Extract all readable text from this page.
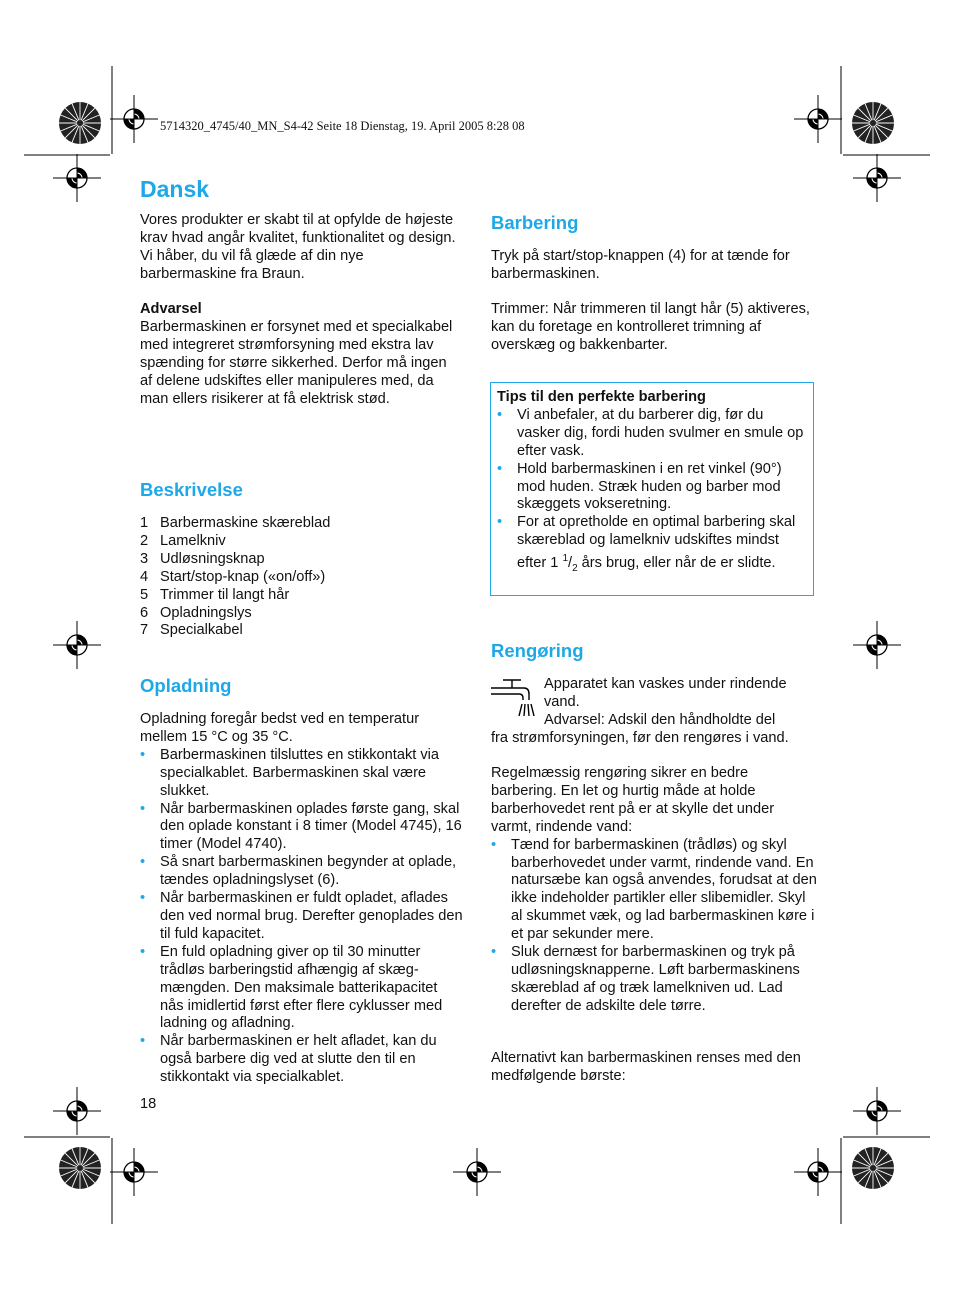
5714320_4745/40_MN_S4-42 Seite 18 Dienstag, 19. April 2005 8:28 08
Dansk
Vores produkter er skabt til at opfylde de højeste krav hvad angår kvalitet, funktionalitet og design. Vi håber, du vil få glæde af din nye barbermaskine fra Braun.
Advarsel
Barbermaskinen er forsynet med et specialkabel med integreret strømforsyning med ekstra lav spænding for større sikkerhed. Derfor må ingen af delene udskiftes eller manipuleres med, da man ellers risikerer at få elektrisk stød.
Beskrivelse
1 Barbermaskine skæreblad
2 Lamelkniv
3 Udløsningsknap
4 Start/stop-knap («on/off»)
5 Trimmer til langt hår
6 Opladningslys
7 Specialkabel
Opladning
Opladning foregår bedst ved en temperatur mellem 15 °C og 35 °C.
• Barbermaskinen tilsluttes en stikkontakt via specialkablet. Barbermaskinen skal være slukket.
• Når barbermaskinen oplades første gang, skal den oplade konstant i 8 timer (Model 4745), 16 timer (Model 4740).
• Så snart barbermaskinen begynder at oplade, tændes opladningslyset (6).
• Når barbermaskinen er fuldt opladet, aflades den ved normal brug. Derefter genoplades den til fuld kapacitet.
• En fuld opladning giver op til 30 minutter trådløs barberingstid afhængig af skægmængden. Den maksimale batterikapacitet nås imidlertid først efter flere cyklusser med ladning og afladning.
• Når barbermaskinen er helt afladet, kan du også barbere dig ved at slutte den til en stikkontakt via specialkablet.
18
Barbering
Tryk på start/stop-knappen (4) for at tænde for barbermaskinen.
Trimmer: Når trimmeren til langt hår (5) aktiveres, kan du foretage en kontrolleret trimning af overskæg og bakkenbarter.
Tips til den perfekte barbering
• Vi anbefaler, at du barberer dig, før du vasker dig, fordi huden svulmer en smule op efter vask.
• Hold barbermaskinen i en ret vinkel (90°) mod huden. Stræk huden og barber mod skæggets vokseretning.
• For at opretholde en optimal barbering skal skæreblad og lamelkniv udskiftes mindst efter 1 $^1/_2$ års brug, eller når de er slidte.
Rengøring
Apparatet kan vaskes under rindende vand.
Advarsel: Adskil den håndholdte del
fra strømforsyningen, før den rengøres i vand.
Regelmæssig rengøring sikrer en bedre barbering. En let og hurtig måde at holde barberhovedet rent på er at skylle det under varmt, rindende vand:
• Tænd for barbermaskinen (trådløs) og skyl barberhovedet under varmt, rindende vand. En natursæbe kan også anvendes, forudsat at den ikke indeholder partikler eller slibemidler. Skyl al skummet væk, og lad barbermaskinen køre i et par sekunder mere.
• Sluk dernæst for barbermaskinen og tryk på udløsningsknapperne. Løft barbermaskinens skæreblad af og træk lamelkniven ud. Lad derefter de adskilte dele tørre.
Alternativt kan barbermaskinen renses med den medfølgende børste:
